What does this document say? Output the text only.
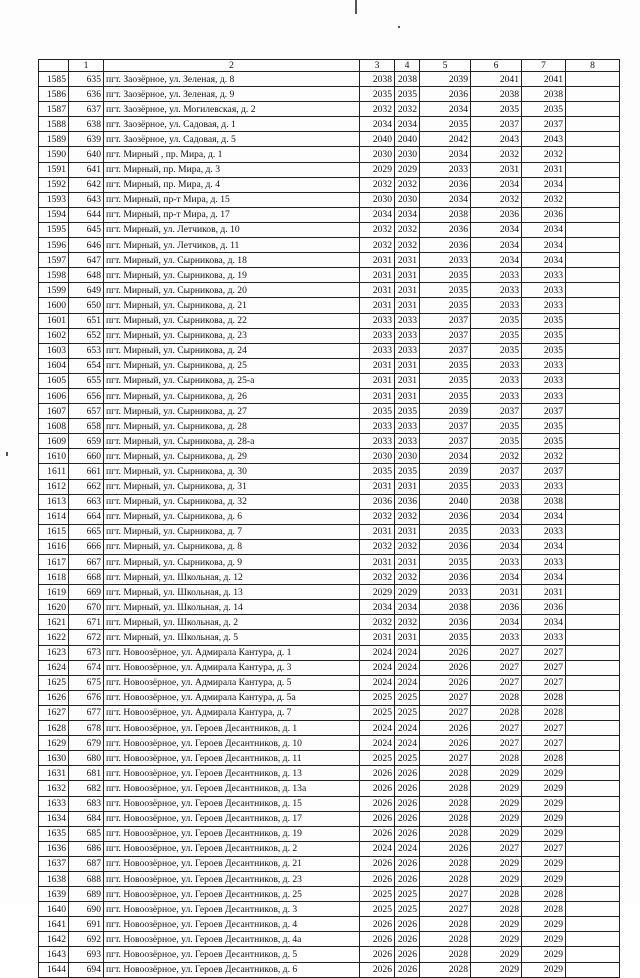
	1	2	3	4	5	6	7	8
1585	635	пгт. Заозёрное, ул. Зеленая, д. 8	2038	2038	2039	2041	2041	
1586	636	пгт. Заозёрное, ул. Зеленая, д. 9	2035	2035	2036	2038	2038	
1587	637	пгт. Заозёрное, ул. Могилевская, д. 2	2032	2032	2034	2035	2035	
1588	638	пгт. Заозёрное, ул. Садовая, д. 1	2034	2034	2035	2037	2037	
1589	639	пгт. Заозёрное, ул. Садовая, д. 5	2040	2040	2042	2043	2043	
1590	640	пгт. Мирный , пр. Мира, д. 1	2030	2030	2034	2032	2032	
1591	641	пгт. Мирный, пр. Мира, д. 3	2029	2029	2033	2031	2031	
1592	642	пгт. Мирный, пр. Мира, д. 4	2032	2032	2036	2034	2034	
1593	643	пгт. Мирный, пр-т Мира, д. 15	2030	2030	2034	2032	2032	
1594	644	пгт. Мирный, пр-т Мира, д. 17	2034	2034	2038	2036	2036	
1595	645	пгт. Мирный, ул. Летчиков, д. 10	2032	2032	2036	2034	2034	
1596	646	пгт. Мирный, ул. Летчиков, д. 11	2032	2032	2036	2034	2034	
1597	647	пгт. Мирный, ул. Сырникова, д. 18	2031	2031	2033	2034	2034	
1598	648	пгт. Мирный, ул. Сырникова, д. 19	2031	2031	2035	2033	2033	
1599	649	пгт. Мирный, ул. Сырникова, д. 20	2031	2031	2035	2033	2033	
1600	650	пгт. Мирный, ул. Сырникова, д. 21	2031	2031	2035	2033	2033	
1601	651	пгт. Мирный, ул. Сырникова, д. 22	2033	2033	2037	2035	2035	
1602	652	пгт. Мирный, ул. Сырникова, д. 23	2033	2033	2037	2035	2035	
1603	653	пгт. Мирный, ул. Сырникова, д. 24	2033	2033	2037	2035	2035	
1604	654	пгт. Мирный, ул. Сырникова, д. 25	2031	2031	2035	2033	2033	
1605	655	пгт. Мирный, ул. Сырникова, д. 25-а	2031	2031	2035	2033	2033	
1606	656	пгт. Мирный, ул. Сырникова, д. 26	2031	2031	2035	2033	2033	
1607	657	пгт. Мирный, ул. Сырникова, д. 27	2035	2035	2039	2037	2037	
1608	658	пгт. Мирный, ул. Сырникова, д. 28	2033	2033	2037	2035	2035	
1609	659	пгт. Мирный, ул. Сырникова, д. 28-а	2033	2033	2037	2035	2035	
1610	660	пгт. Мирный, ул. Сырникова, д. 29	2030	2030	2034	2032	2032	
1611	661	пгт. Мирный, ул. Сырникова, д. 30	2035	2035	2039	2037	2037	
1612	662	пгт. Мирный, ул. Сырникова, д. 31	2031	2031	2035	2033	2033	
1613	663	пгт. Мирный, ул. Сырникова, д. 32	2036	2036	2040	2038	2038	
1614	664	пгт. Мирный, ул. Сырникова, д. 6	2032	2032	2036	2034	2034	
1615	665	пгт. Мирный, ул. Сырникова, д. 7	2031	2031	2035	2033	2033	
1616	666	пгт. Мирный, ул. Сырникова, д. 8	2032	2032	2036	2034	2034	
1617	667	пгт. Мирный, ул. Сырникова, д. 9	2031	2031	2035	2033	2033	
1618	668	пгт. Мирный, ул. Школьная, д. 12	2032	2032	2036	2034	2034	
1619	669	пгт. Мирный, ул. Школьная, д. 13	2029	2029	2033	2031	2031	
1620	670	пгт. Мирный, ул. Школьная, д. 14	2034	2034	2038	2036	2036	
1621	671	пгт. Мирный, ул. Школьная, д. 2	2032	2032	2036	2034	2034	
1622	672	пгт. Мирный, ул. Школьная, д. 5	2031	2031	2035	2033	2033	
1623	673	пгт. Новоозёрное, ул. Адмирала Кантура, д. 1	2024	2024	2026	2027	2027	
1624	674	пгт. Новоозёрное, ул. Адмирала Кантура, д. 3	2024	2024	2026	2027	2027	
1625	675	пгт. Новоозёрное, ул. Адмирала Кантура, д. 5	2024	2024	2026	2027	2027	
1626	676	пгт. Новоозёрное, ул. Адмирала Кантура, д. 5а	2025	2025	2027	2028	2028	
1627	677	пгт. Новоозёрное, ул. Адмирала Кантура, д. 7	2025	2025	2027	2028	2028	
1628	678	пгт. Новоозёрное, ул. Героев Десантников, д. 1	2024	2024	2026	2027	2027	
1629	679	пгт. Новоозёрное, ул. Героев Десантников, д. 10	2024	2024	2026	2027	2027	
1630	680	пгт. Новоозёрное, ул. Героев Десантников, д. 11	2025	2025	2027	2028	2028	
1631	681	пгт. Новоозёрное, ул. Героев Десантников, д. 13	2026	2026	2028	2029	2029	
1632	682	пгт. Новоозёрное, ул. Героев Десантников, д. 13а	2026	2026	2028	2029	2029	
1633	683	пгт. Новоозёрное, ул. Героев Десантников, д. 15	2026	2026	2028	2029	2029	
1634	684	пгт. Новоозёрное, ул. Героев Десантников, д. 17	2026	2026	2028	2029	2029	
1635	685	пгт. Новоозёрное, ул. Героев Десантников, д. 19	2026	2026	2028	2029	2029	
1636	686	пгт. Новоозёрное, ул. Героев Десантников, д. 2	2024	2024	2026	2027	2027	
1637	687	пгт. Новоозёрное, ул. Героев Десантников, д. 21	2026	2026	2028	2029	2029	
1638	688	пгт. Новоозёрное, ул. Героев Десантников, д. 23	2026	2026	2028	2029	2029	
1639	689	пгт. Новоозёрное, ул. Героев Десантников, д. 25	2025	2025	2027	2028	2028	
1640	690	пгт. Новоозёрное, ул. Героев Десантников, д. 3	2025	2025	2027	2028	2028	
1641	691	пгт. Новоозёрное, ул. Героев Десантников, д. 4	2026	2026	2028	2029	2029	
1642	692	пгт. Новоозёрное, ул. Героев Десантников, д. 4а	2026	2026	2028	2029	2029	
1643	693	пгт. Новоозёрное, ул. Героев Десантников, д. 5	2026	2026	2028	2029	2029	
1644	694	пгт. Новоозёрное, ул. Героев Десантников, д. 6	2026	2026	2028	2029	2029	
